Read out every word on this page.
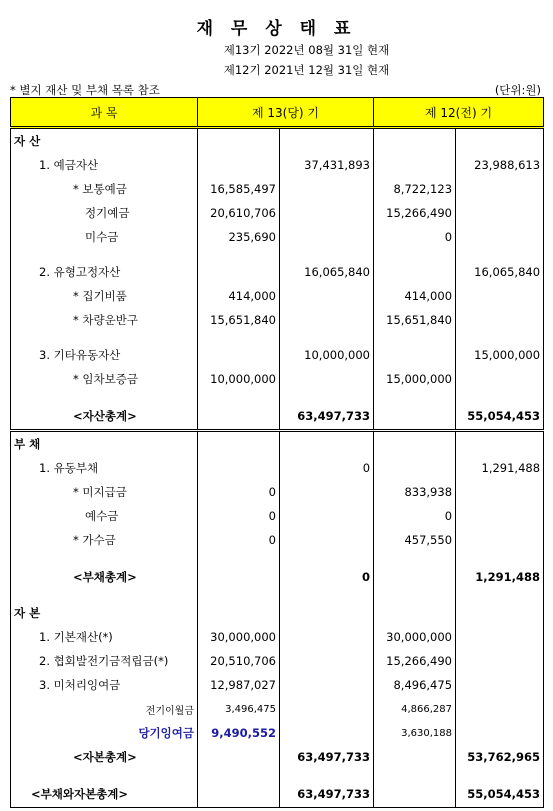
재 무 상 태 표
제13기 2022년 08월 31일 현재
제12기 2021년 12월 31일 현재
* 별지 재산 및 부채 목록 참조	(단위:원)
과 목	제 13(당) 기		제 12(전) 기	
자 산				
1. 예금자산		37,431,893		23,988,613
* 보통예금	16,585,497		8,722,123	
정기예금	20,610,706		15,266,490	
미수금	235,690		0	

2. 유형고정자산		16,065,840		16,065,840
* 집기비품	414,000		414,000	
* 차량운반구	15,651,840		15,651,840	

3. 기타유동자산		10,000,000		15,000,000
* 임차보증금	10,000,000		15,000,000	

<자산총계>		63,497,733		55,054,453
부 채				
1. 유동부채		0		1,291,488
* 미지급금	0		833,938	
예수금	0		0	
* 가수금	0		457,550	

<부채총계>		0		1,291,488

자 본				
1. 기본재산(*)	30,000,000		30,000,000	
2. 협회발전기금적립금(*)	20,510,706		15,266,490	
3. 미처리잉여금	12,987,027		8,496,475	
전기이월금	3,496,475		4,866,287	
당기잉여금	9,490,552		3,630,188	
<자본총계>		63,497,733		53,762,965

<부채와자본총계>		63,497,733		55,054,453
